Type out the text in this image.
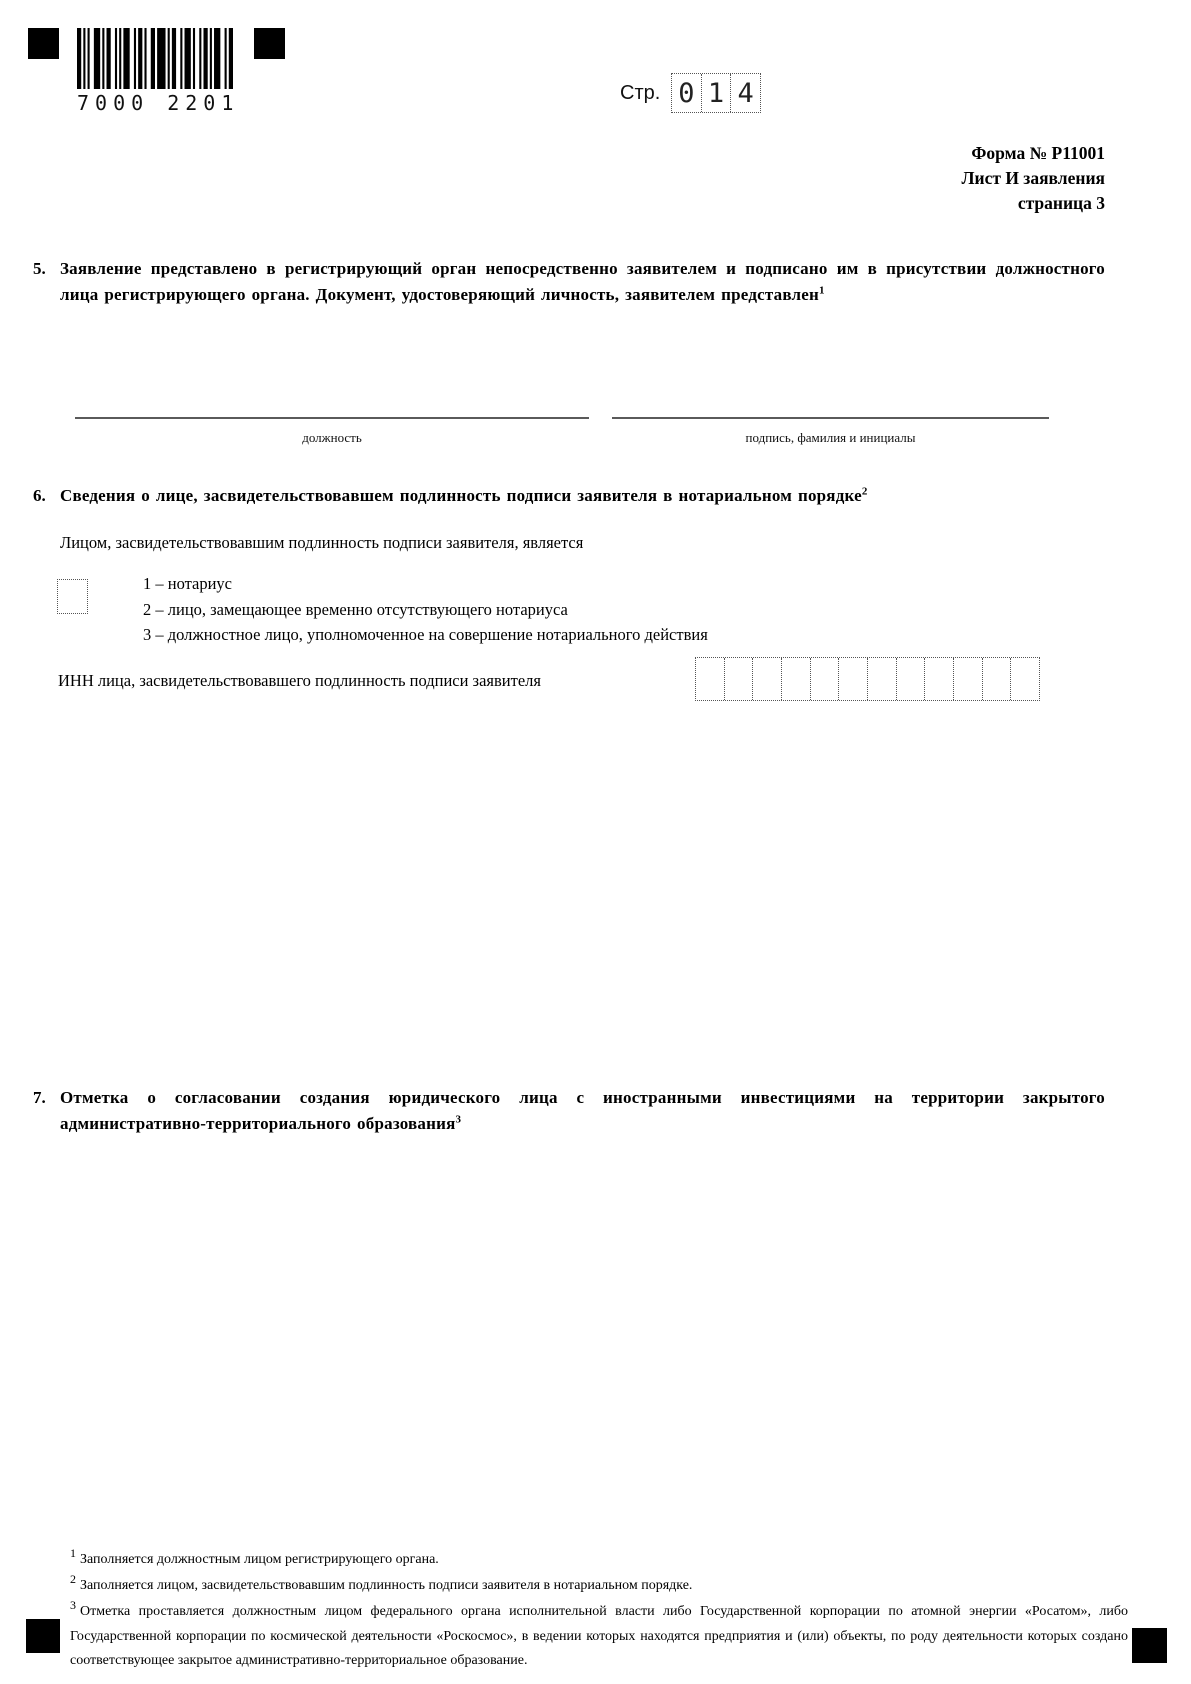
7000 2201	Стр. 0 1 4
Форма № Р11001
Лист И заявления
страница 3
5. Заявление представлено в регистрирующий орган непосредственно заявителем и подписано им в присутствии должностного лица регистрирующего органа. Документ, удостоверяющий личность, заявителем представлен$^1$
должность	подпись, фамилия и инициалы
6. Сведения о лице, засвидетельствовавшем подлинность подписи заявителя в нотариальном порядке$^2$
Лицом, засвидетельствовавшим подлинность подписи заявителя, является
1 – нотариус
2 – лицо, замещающее временно отсутствующего нотариуса
3 – должностное лицо, уполномоченное на совершение нотариального действия
ИНН лица, засвидетельствовавшего подлинность подписи заявителя
7. Отметка о согласовании создания юридического лица с иностранными инвестициями на территории закрытого административно-территориального образования$^3$
$^1$ Заполняется должностным лицом регистрирующего органа.
$^2$ Заполняется лицом, засвидетельствовавшим подлинность подписи заявителя в нотариальном порядке.
$^3$ Отметка проставляется должностным лицом федерального органа исполнительной власти либо Государственной корпорации по атомной энергии «Росатом», либо Государственной корпорации по космической деятельности «Роскосмос», в ведении которых находятся предприятия и (или) объекты, по роду деятельности которых создано соответствующее закрытое административно-территориальное образование.
